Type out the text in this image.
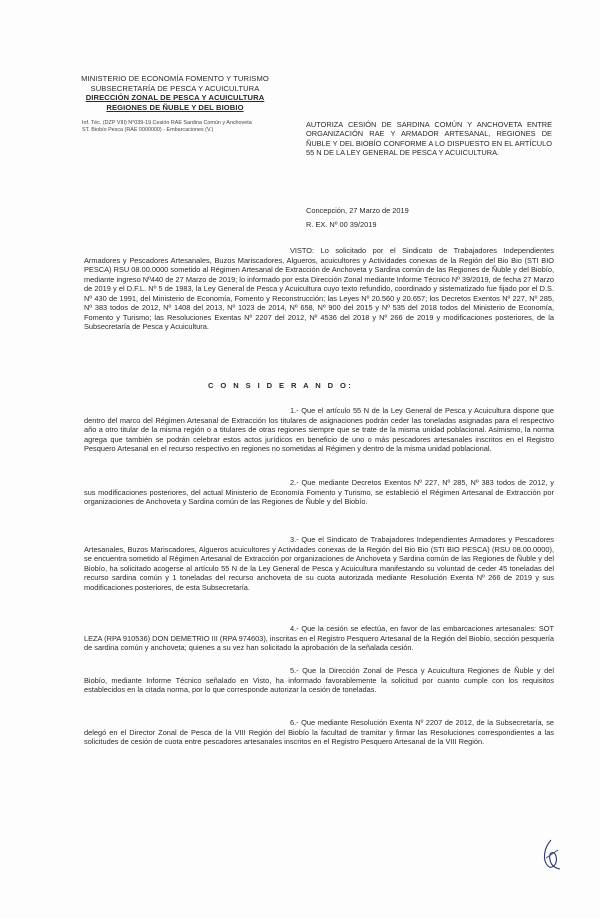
MINISTERIO DE ECONOMÍA FOMENTO Y TURISMO
SUBSECRETARÍA DE PESCA Y ACUICULTURA
DIRECCIÓN ZONAL DE PESCA Y ACUICULTURA
REGIONES DE ÑUBLE Y DEL BIOBIO
Inf. Téc. (DZP VIII) N°039-19 Cesión RAE Sardina Común y Anchoveta
ST. Biobío Pesca (RAE 0000000) - Embarcaciones (V.)
AUTORIZA CESIÓN DE SARDINA COMÚN Y ANCHOVETA ENTRE ORGANIZACIÓN RAE Y ARMADOR ARTESANAL, REGIONES DE ÑUBLE Y DEL BIOBÍO CONFORME A LO DISPUESTO EN EL ARTÍCULO 55 N DE LA LEY GENERAL DE PESCA Y ACUICULTURA.
Concepción, 27 Marzo de 2019
R. EX. Nº 00 39/2019

VISTO: Lo solicitado por el Sindicato de Trabajadores Independientes Armadores y Pescadores Artesanales, Buzos Mariscadores, Algueros, acuicultores y Actividades conexas de la Región del Bio Bio (STI BIO PESCA) RSU 08.00.0000 sometido al Régimen Artesanal de Extracción de Anchoveta y Sardina común de las Regiones de Ñuble y del Biobío, mediante ingreso Nº440 de 27 Marzo de 2019; lo informado por esta Dirección Zonal mediante Informe Técnico Nº 39/2019, de fecha 27 Marzo de 2019 y el D.F.L. Nº 5 de 1983, la Ley General de Pesca y Acuicultura cuyo texto refundido, coordinado y sistematizado fue fijado por el D.S. Nº 430 de 1991, del Ministerio de Economía, Fomento y Reconstrucción; las Leyes Nº 20.560 y 20.657; los Decretos Exentos Nº 227, Nº 285, Nº 383 todos de 2012, Nº 1408 del 2013, Nº 1023 de 2014, Nº 658, Nº 900 del 2015 y Nº 535 del 2018 todos del Ministerio de Economía, Fomento y Turismo; las Resoluciones Exentas Nº 2207 del 2012, Nº 4536 del 2018 y Nº 266 de 2019 y modificaciones posteriores, de la Subsecretaría de Pesca y Acuicultura.

C O N S I D E R A N D O:

1.- Que el artículo 55 N de la Ley General de Pesca y Acuicultura dispone que dentro del marco del Régimen Artesanal de Extracción los titulares de asignaciones podrán ceder las toneladas asignadas para el respectivo año a otro titular de la misma región o a titulares de otras regiones siempre que se trate de la misma unidad poblacional. Asimismo, la norma agrega que también se podrán celebrar estos actos jurídicos en beneficio de uno o más pescadores artesanales inscritos en el Registro Pesquero Artesanal en el recurso respectivo en regiones no sometidas al Régimen y dentro de la misma unidad poblacional.

2.- Que mediante Decretos Exentos Nº 227, Nº 285, Nº 383 todos de 2012, y sus modificaciones posteriores, del actual Ministerio de Economía Fomento y Turismo, se estableció el Régimen Artesanal de Extracción por organizaciones de Anchoveta y Sardina común de las Regiones de Ñuble y del Biobío.

3.- Que el Sindicato de Trabajadores Independientes Armadores y Pescadores Artesanales, Buzos Mariscadores, Algueros acuicultores y Actividades conexas de la Región del Bio Bio (STI BIO PESCA) (RSU 08.00.0000), se encuentra sometido al Régimen Artesanal de Extracción por organizaciones de Anchoveta y Sardina común de las Regiones de Ñuble y del Biobío, ha solicitado acogerse al artículo 55 N de la Ley General de Pesca y Acuicultura manifestando su voluntad de ceder 45 toneladas del recurso sardina común y 1 toneladas del recurso anchoveta de su cuota autorizada mediante Resolución Exenta Nº 266 de 2019 y sus modificaciones posteriores, de esta Subsecretaría.

4.- Que la cesión se efectúa, en favor de las embarcaciones artesanales: SOT LEZA (RPA 910536) DON DEMETRIO III (RPA 974603), inscritas en el Registro Pesquero Artesanal de la Región del Biobío, sección pesquería de sardina común y anchoveta; quienes a su vez han solicitado la aprobación de la señalada cesión.

5.- Que la Dirección Zonal de Pesca y Acuicultura Regiones de Ñuble y del Biobío, mediante Informe Técnico señalado en Visto, ha informado favorablemente la solicitud por cuanto cumple con los requisitos establecidos en la citada norma, por lo que corresponde autorizar la cesión de toneladas.

6.- Que mediante Resolución Exenta Nº 2207 de 2012, de la Subsecretaría, se delegó en el Director Zonal de Pesca de la VIII Región del Biobío la facultad de tramitar y firmar las Resoluciones correspondientes a las solicitudes de cesión de cuota entre pescadores artesanales inscritos en el Registro Pesquero Artesanal de la VIII Región.
